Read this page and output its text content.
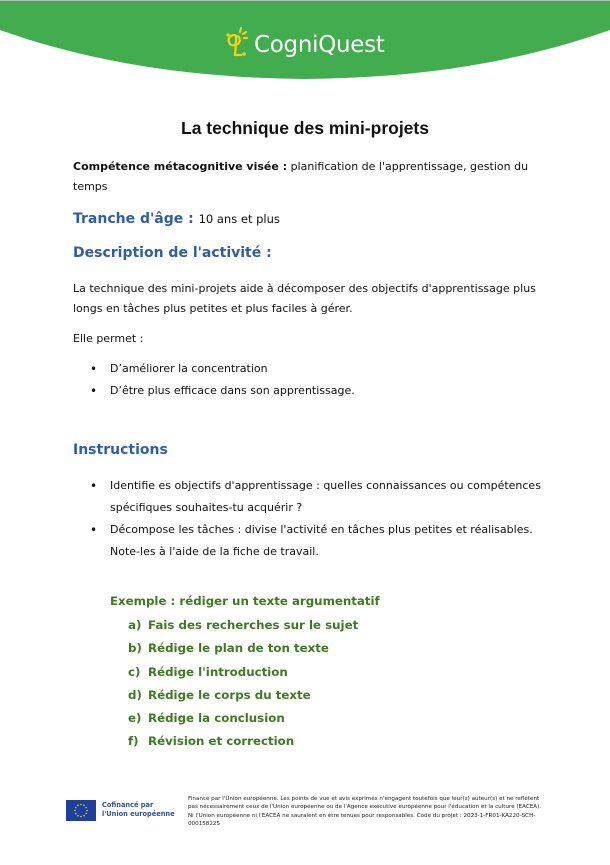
CogniQuest
La technique des mini-projets
Compétence métacognitive visée : planification de l'apprentissage, gestion du temps
Tranche d'âge : 10 ans et plus
Description de l'activité :
La technique des mini-projets aide à décomposer des objectifs d'apprentissage plus longs en tâches plus petites et plus faciles à gérer.
Elle permet :
• D’améliorer la concentration
• D’être plus efficace dans son apprentissage.
Instructions
• Identifie es objectifs d'apprentissage : quelles connaissances ou compétences spécifiques souhaites-tu acquérir ?
• Décompose les tâches : divise l'activité en tâches plus petites et réalisables. Note-les à l'aide de la fiche de travail.
Exemple : rédiger un texte argumentatif
a) Fais des recherches sur le sujet
b) Rédige le plan de ton texte
c) Rédige l'introduction
d) Rédige le corps du texte
e) Rédige la conclusion
f) Révision et correction
Cofinancé par
l'Union européenne
Financé par l'Union européenne. Les points de vue et avis exprimés n'engagent toutefois que leur(s) auteur(s) et ne reflètent pas nécessairement ceux de l'Union européenne ou de l'Agence exécutive européenne pour l'éducation et la culture (EACEA). Ni l'Union européenne ni l'EACEA ne sauraient en être tenues pour responsables. Code du projet : 2023-1-FR01-KA220-SCH-000158225
